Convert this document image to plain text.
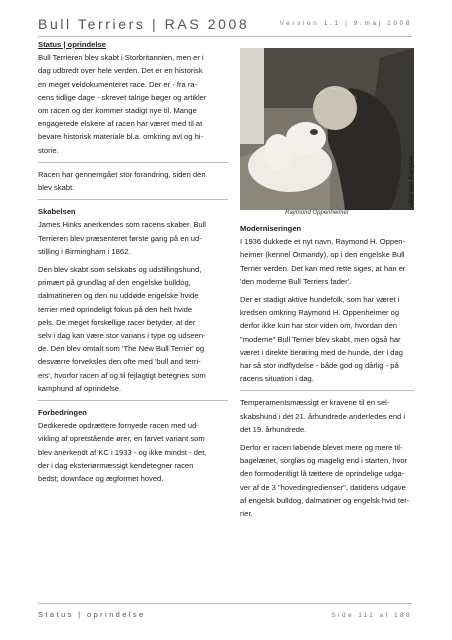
Bull Terriers | RAS 2008	Version 1.1 | 9.maj 2008

Status | oprindelse

Bull Terrieren blev skabt i Storbritannien, men er i

dag udbredt over hele verden. Det er en historisk

en meget veldokumenteret race. Der er - fra ra-

cens tidlige dage - skrevet talrige bøger og artikler

om racen og der kommer stadigt nye til. Mange

engagerede elskere af racen har været med til at

bevare historisk materiale bl.a. omkring avl og hi-

storie.

Racen har gennemgået stor forandring, siden den

blev skabt.

Skabelsen

James Hinks anerkendes som racens skaber. Bull

Terrieren blev præsenteret første gang på en ud-

stilling i Birmingham i 1862.

Den blev skabt som selskabs og udstillingshund,

primært på grundlag af den engelske bulldog,

dalmatineren og den nu uddøde engelske hvide

terrier med oprindeligt fokus på den helt hvide

pels. De meget forskellige racer betyder, at der

selv i dag kan være stor varians i type og udseen-

de. Den blev omtalt som 'The New Bull Terrier' og

desværre forveksles den ofte med 'bull and terri-

ers', hvorfor racen af og til fejlagtigt betegnes som

kamphund af oprindelse.

Forbedringen

Dedikerede opdrættere fornyede racen med ud-

vikling af opretstående ører, en farvet variant som

blev anerkendt af KC i 1933 - og ikke mindst - det,

der i dag eksteriørmæssigt kendetegner racen

bedst; downface og ægformet hoved.

Raymond Oppenheimer
Alice van Kampen

Moderniseringen

I 1936 dukkede et nyt navn, Raymond H. Oppen-

heimer (kennel Ormandy), op i den engelske Bull

Terrier verden. Det kan med rette siges, at han er

'den moderne Bull Terriers fader'.

Der er stadigt aktive hundefolk, som har været i

kredsen omkring Raymond H. Oppenheimer og

derfor ikke kun har stor viden om, hvordan den

"moderne" Bull Terrier blev skabt, men også har

været i direkte berøring med de hunde, der i dag

har så stor indflydelse - både god og dårlig - på

racens situation i dag.

Temperamentsmæssigt er kravene til en sel-

skabshund i det 21. århundrede anderledes end i

det 19. århundrede.

Derfor er racen løbende blevet mere og mere til-

bagelænet, sorgløs og magelig end i starten, hvor

den formodentligt lå tættere de oprindelige udga-

ver af de 3 "hovedingredienser", datidens udgave

af engelsk bulldog, dalmatiner og engelsk hvid ter-

rier.

Status | oprindelse	Side 111 af 188
